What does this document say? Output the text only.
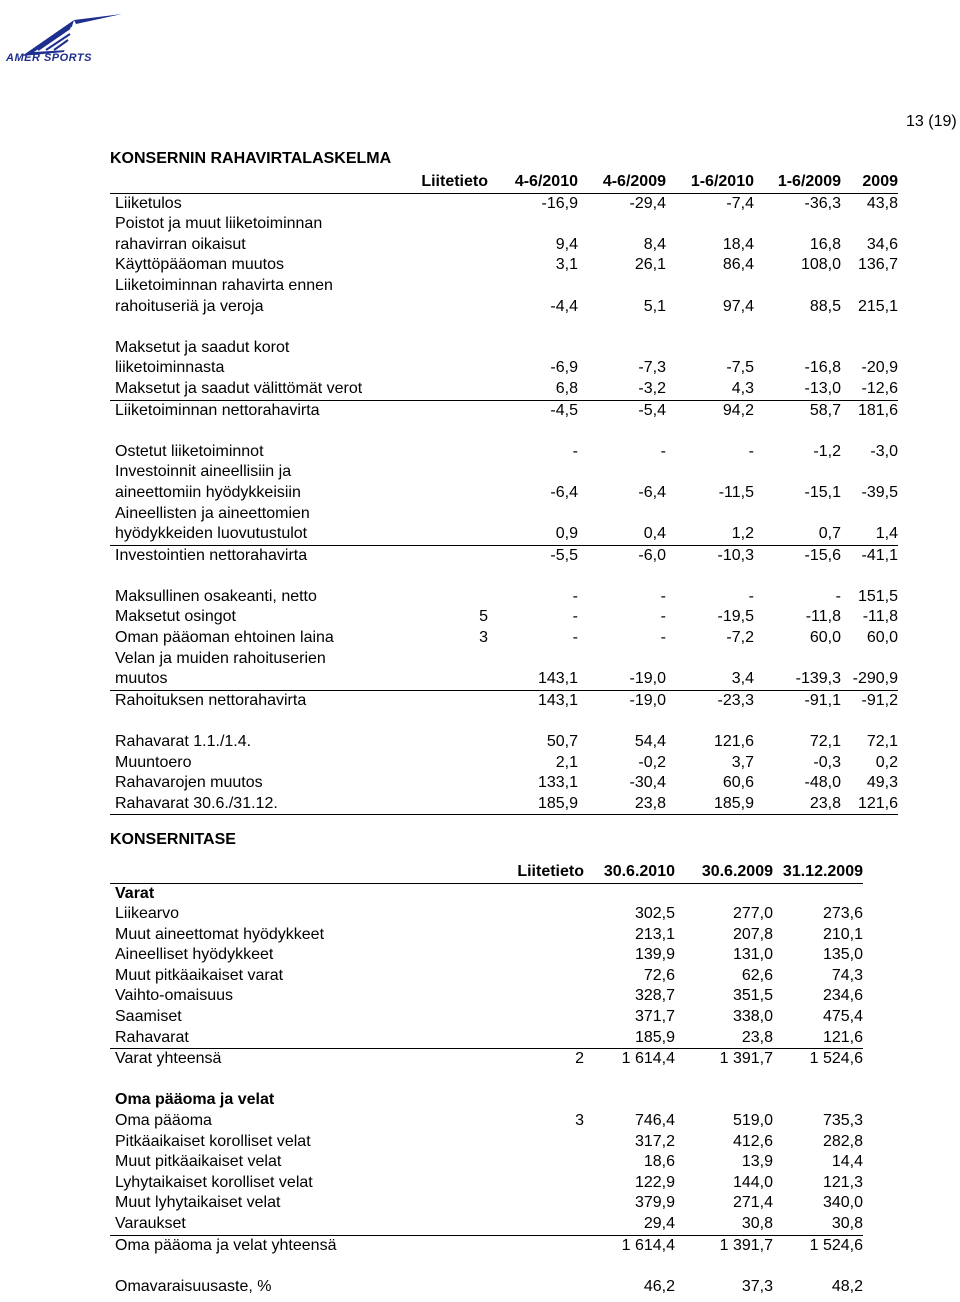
AMER SPORTS
13 (19)
KONSERNIN RAHAVIRTALASKELMA
	Liitetieto	4-6/2010	4-6/2009	1-6/2010	1-6/2009	2009
Liiketulos		-16,9	-29,4	-7,4	-36,3	43,8
Poistot ja muut liiketoiminnan						
rahavirran oikaisut		9,4	8,4	18,4	16,8	34,6
Käyttöpääoman muutos		3,1	26,1	86,4	108,0	136,7
Liiketoiminnan rahavirta ennen						
rahoituseriä ja veroja		-4,4	5,1	97,4	88,5	215,1

Maksetut ja saadut korot						
liiketoiminnasta		-6,9	-7,3	-7,5	-16,8	-20,9
Maksetut ja saadut välittömät verot		6,8	-3,2	4,3	-13,0	-12,6
Liiketoiminnan nettorahavirta		-4,5	-5,4	94,2	58,7	181,6

Ostetut liiketoiminnot		-	-	-	-1,2	-3,0
Investoinnit aineellisiin ja						
aineettomiin hyödykkeisiin		-6,4	-6,4	-11,5	-15,1	-39,5
Aineellisten ja aineettomien						
hyödykkeiden luovutustulot		0,9	0,4	1,2	0,7	1,4
Investointien nettorahavirta		-5,5	-6,0	-10,3	-15,6	-41,1

Maksullinen osakeanti, netto		-	-	-	-	151,5
Maksetut osingot	5	-	-	-19,5	-11,8	-11,8
Oman pääoman ehtoinen laina	3	-	-	-7,2	60,0	60,0
Velan ja muiden rahoituserien						
muutos		143,1	-19,0	3,4	-139,3	-290,9
Rahoituksen nettorahavirta		143,1	-19,0	-23,3	-91,1	-91,2

Rahavarat 1.1./1.4.		50,7	54,4	121,6	72,1	72,1
Muuntoero		2,1	-0,2	3,7	-0,3	0,2
Rahavarojen muutos		133,1	-30,4	60,6	-48,0	49,3
Rahavarat 30.6./31.12.		185,9	23,8	185,9	23,8	121,6
KONSERNITASE
	Liitetieto	30.6.2010	30.6.2009	31.12.2009
Varat				
Liikearvo		302,5	277,0	273,6
Muut aineettomat hyödykkeet		213,1	207,8	210,1
Aineelliset hyödykkeet		139,9	131,0	135,0
Muut pitkäaikaiset varat		72,6	62,6	74,3
Vaihto-omaisuus		328,7	351,5	234,6
Saamiset		371,7	338,0	475,4
Rahavarat		185,9	23,8	121,6
Varat yhteensä	2	1 614,4	1 391,7	1 524,6

Oma pääoma ja velat				
Oma pääoma	3	746,4	519,0	735,3
Pitkäaikaiset korolliset velat		317,2	412,6	282,8
Muut pitkäaikaiset velat		18,6	13,9	14,4
Lyhytaikaiset korolliset velat		122,9	144,0	121,3
Muut lyhytaikaiset velat		379,9	271,4	340,0
Varaukset		29,4	30,8	30,8
Oma pääoma ja velat yhteensä		1 614,4	1 391,7	1 524,6

Omavaraisuusaste, %		46,2	37,3	48,2
